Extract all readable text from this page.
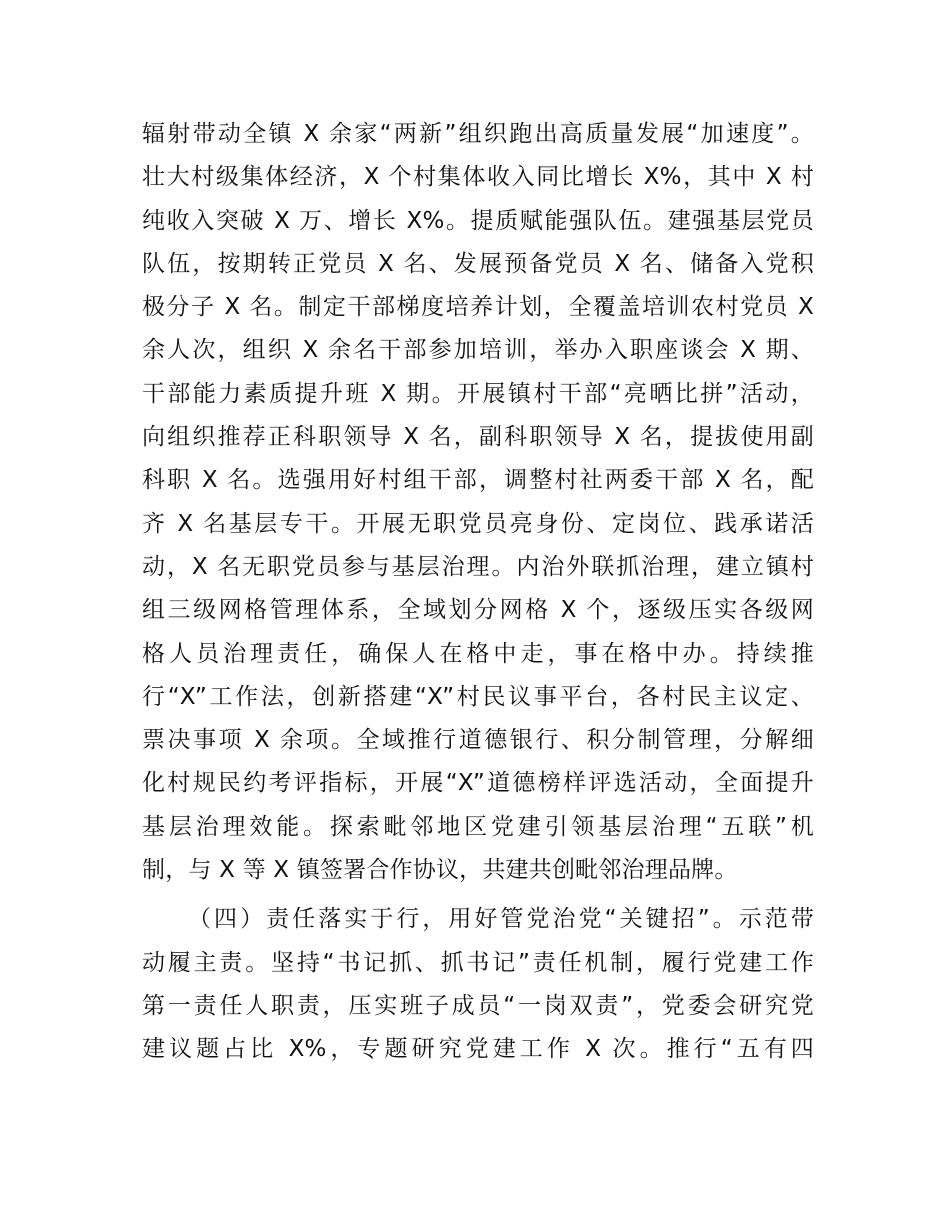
辐射带动全镇 X 余家“两新”组织跑出高质量发展“加速度”。
壮大村级集体经济，X 个村集体收入同比增长 X%，其中 X 村
纯收入突破 X 万、增长 X%。提质赋能强队伍。建强基层党员
队伍，按期转正党员 X 名、发展预备党员 X 名、储备入党积
极分子 X 名。制定干部梯度培养计划，全覆盖培训农村党员 X
余人次，组织 X 余名干部参加培训，举办入职座谈会 X 期、
干部能力素质提升班 X 期。开展镇村干部“亮晒比拼”活动，
向组织推荐正科职领导 X 名，副科职领导 X 名，提拔使用副
科职 X 名。选强用好村组干部，调整村社两委干部 X 名，配
齐 X 名基层专干。开展无职党员亮身份、定岗位、践承诺活
动，X 名无职党员参与基层治理。内治外联抓治理，建立镇村
组三级网格管理体系，全域划分网格 X 个，逐级压实各级网
格人员治理责任，确保人在格中走，事在格中办。持续推
行“X”工作法，创新搭建“X”村民议事平台，各村民主议定、
票决事项 X 余项。全域推行道德银行、积分制管理，分解细
化村规民约考评指标，开展“X”道德榜样评选活动，全面提升
基层治理效能。探索毗邻地区党建引领基层治理“五联”机
制，与 X 等 X 镇签署合作协议，共建共创毗邻治理品牌。
（四）责任落实于行，用好管党治党“关键招”。示范带
动履主责。坚持“书记抓、抓书记”责任机制，履行党建工作
第一责任人职责，压实班子成员“一岗双责”，党委会研究党
建议题占比 X%，专题研究党建工作 X 次。推行“五有四
